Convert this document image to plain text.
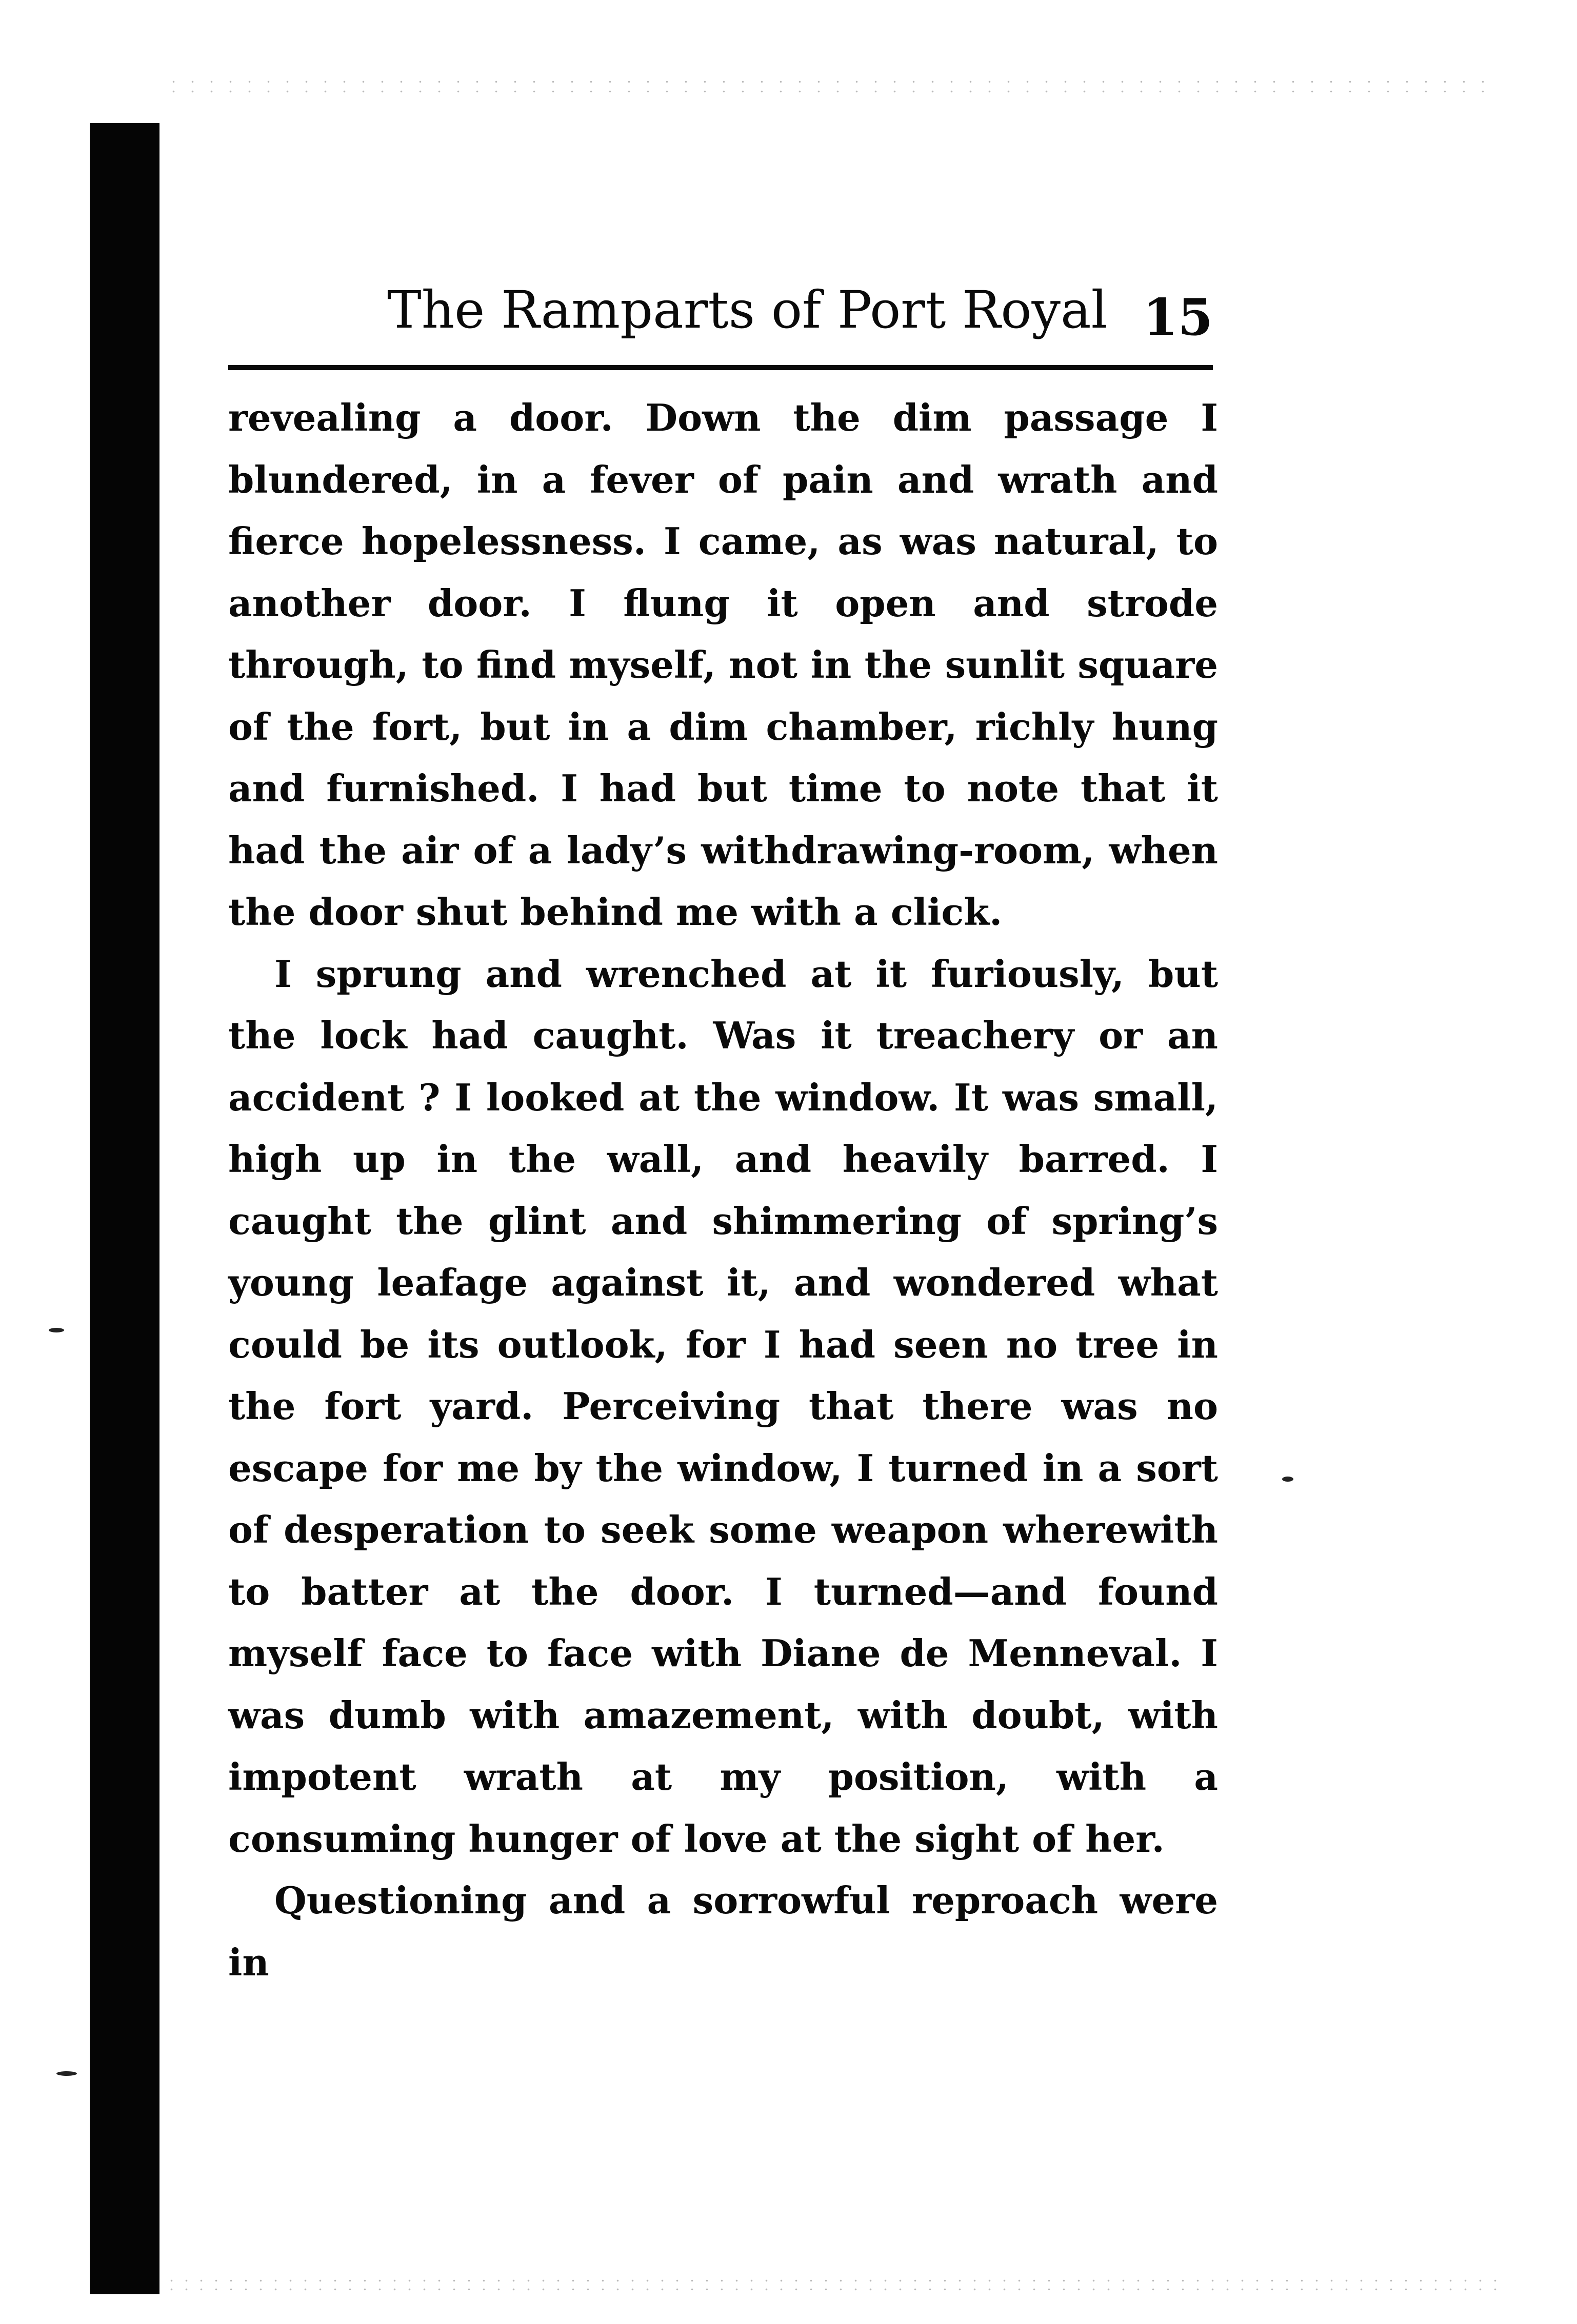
The Ramparts of Port Royal 15

revealing a door. Down the dim passage I blundered, in a fever of pain and wrath and fierce hopelessness. I came, as was natural, to another door. I flung it open and strode through, to find myself, not in the sunlit square of the fort, but in a dim chamber, richly hung and furnished. I had but time to note that it had the air of a lady’s withdrawing-room, when the door shut behind me with a click.

I sprung and wrenched at it furiously, but the lock had caught. Was it treachery or an accident ? I looked at the window. It was small, high up in the wall, and heavily barred. I caught the glint and shimmering of spring’s young leafage against it, and wondered what could be its outlook, for I had seen no tree in the fort yard. Perceiving that there was no escape for me by the window, I turned in a sort of desperation to seek some weapon wherewith to batter at the door. I turned—and found myself face to face with Diane de Menneval. I was dumb with amazement, with doubt, with impotent wrath at my position, with a consuming hunger of love at the sight of her.

Questioning and a sorrowful reproach were in
